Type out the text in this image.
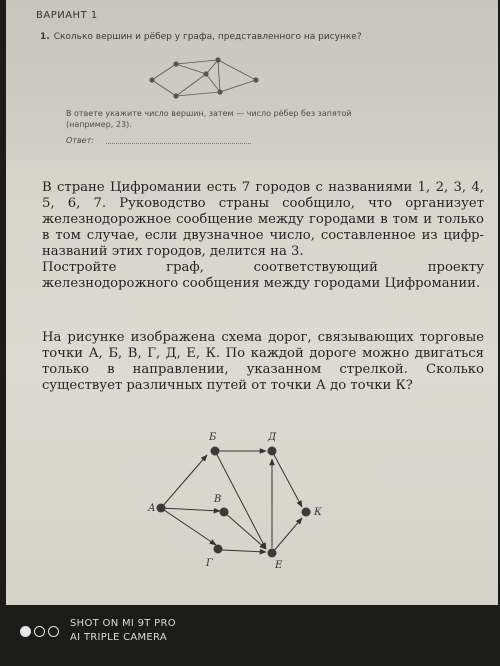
ВАРИАНТ 1
1. Сколько вершин и рёбер у графа, представленного на рисунке?
В ответе укажите число вершин, затем — число рёбер без запятой (например, 23).
Ответ:

В стране Цифромании есть 7 городов с названиями 1, 2, 3, 4, 5, 6, 7. Руководство страны сообщило, что организует железнодорожное сообщение между городами в том и только в том случае, если двузначное число, составленное из цифр-названий этих городов, делится на 3.

Постройте граф, соответствующий проекту железнодорожного сообщения между городами Цифромании.

На рисунке изображена схема дорог, связывающих торговые точки А, Б, В, Г, Д, Е, К. По каждой дороге можно двигаться только в направлении, указанном стрелкой. Сколько существует различных путей от точки А до точки К?

А
Б	Д
В
Г	Е
К
SHOT ON MI 9T PRO
AI TRIPLE CAMERA
